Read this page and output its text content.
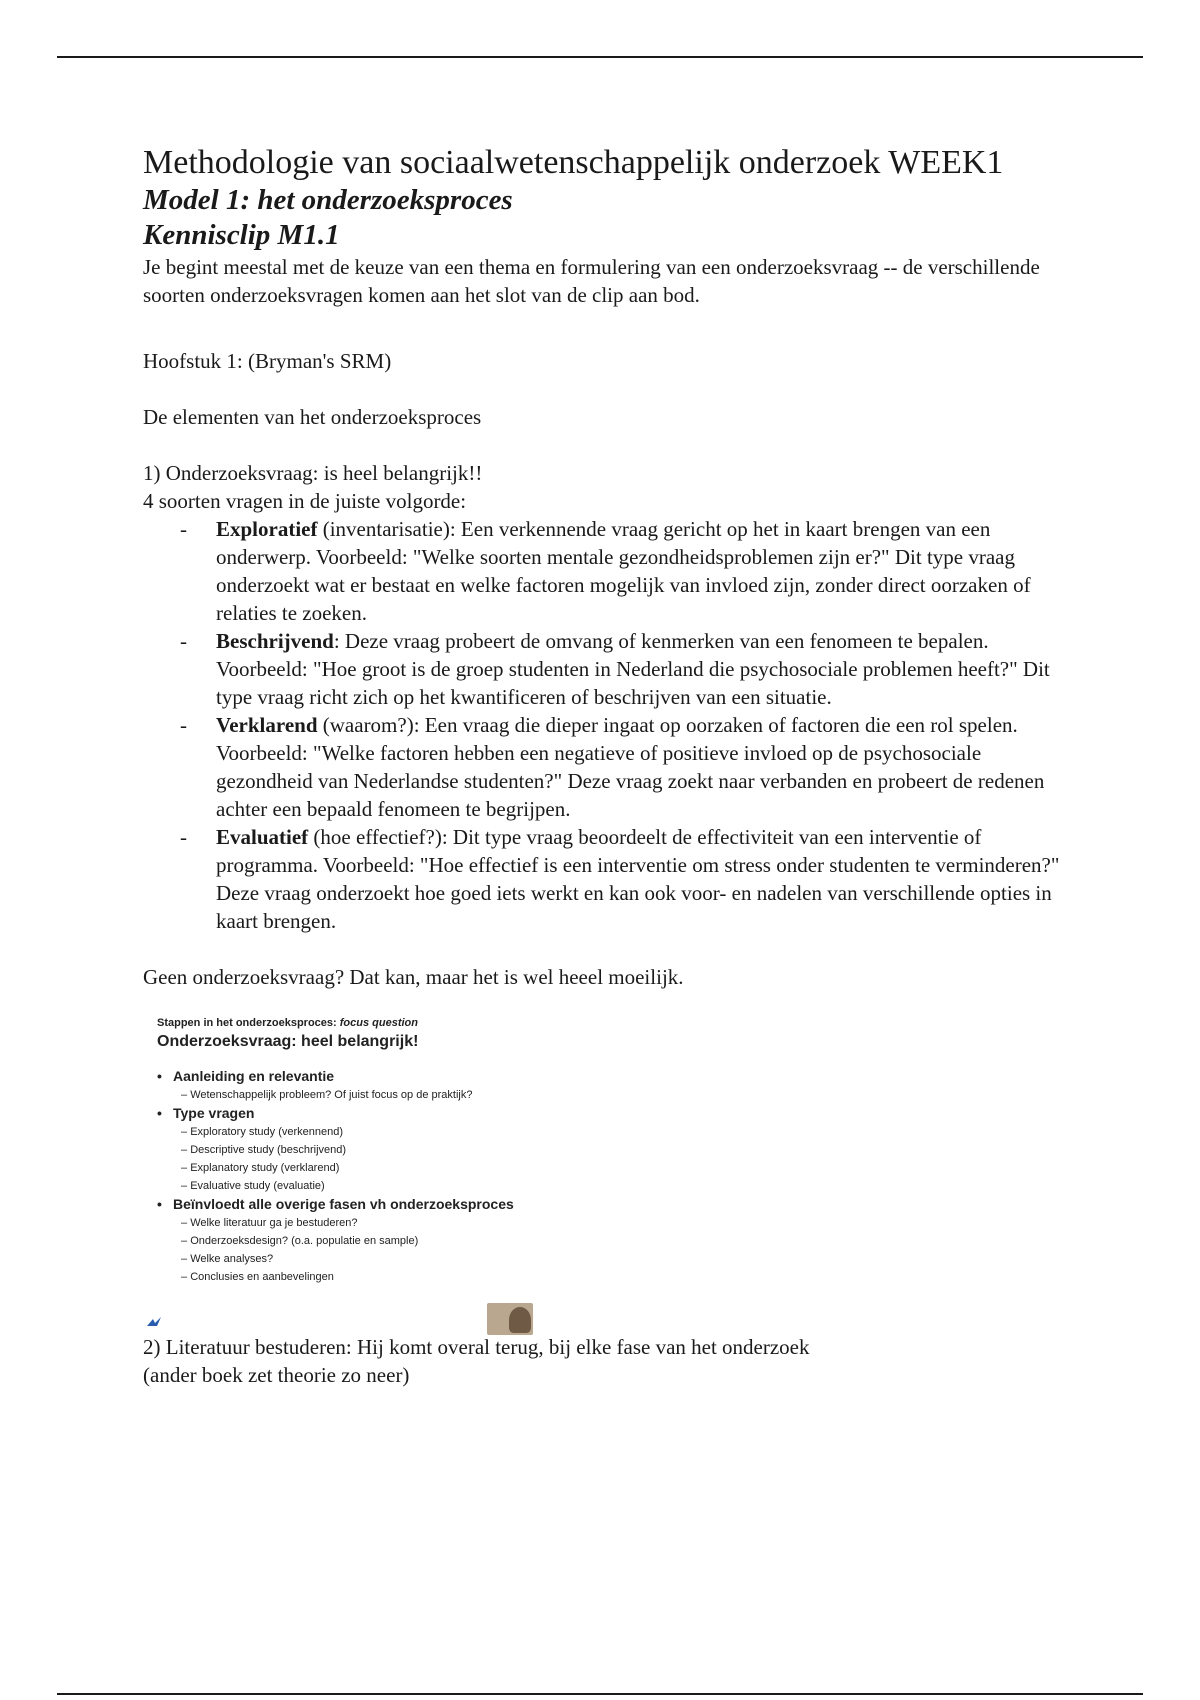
Methodologie van sociaalwetenschappelijk onderzoek WEEK1
Model 1: het onderzoeksproces
Kennisclip M1.1

Je begint meestal met de keuze van een thema en formulering van een onderzoeksvraag -- de verschillende soorten onderzoeksvragen komen aan het slot van de clip aan bod.

Hoofstuk 1: (Bryman's SRM)

De elementen van het onderzoeksproces

1) Onderzoeksvraag: is heel belangrijk!!

4 soorten vragen in de juiste volgorde:

- Exploratief (inventarisatie): Een verkennende vraag gericht op het in kaart brengen van een onderwerp. Voorbeeld: "Welke soorten mentale gezondheidsproblemen zijn er?" Dit type vraag onderzoekt wat er bestaat en welke factoren mogelijk van invloed zijn, zonder direct oorzaken of relaties te zoeken.
- Beschrijvend: Deze vraag probeert de omvang of kenmerken van een fenomeen te bepalen. Voorbeeld: "Hoe groot is de groep studenten in Nederland die psychosociale problemen heeft?" Dit type vraag richt zich op het kwantificeren of beschrijven van een situatie.
- Verklarend (waarom?): Een vraag die dieper ingaat op oorzaken of factoren die een rol spelen. Voorbeeld: "Welke factoren hebben een negatieve of positieve invloed op de psychosociale gezondheid van Nederlandse studenten?" Deze vraag zoekt naar verbanden en probeert de redenen achter een bepaald fenomeen te begrijpen.
- Evaluatief (hoe effectief?): Dit type vraag beoordeelt de effectiviteit van een interventie of programma. Voorbeeld: "Hoe effectief is een interventie om stress onder studenten te verminderen?" Deze vraag onderzoekt hoe goed iets werkt en kan ook voor- en nadelen van verschillende opties in kaart brengen.

Geen onderzoeksvraag? Dat kan, maar het is wel heeel moeilijk.

Stappen in het onderzoeksproces: focus question
Onderzoeksvraag: heel belangrijk!
• Aanleiding en relevantie
– Wetenschappelijk probleem? Of juist focus op de praktijk?
• Type vragen
– Exploratory study (verkennend)
– Descriptive study (beschrijvend)
– Explanatory study (verklarend)
– Evaluative study (evaluatie)
• Beïnvloedt alle overige fasen vh onderzoeksproces
– Welke literatuur ga je bestuderen?
– Onderzoeksdesign? (o.a. populatie en sample)
– Welke analyses?
– Conclusies en aanbevelingen

2) Literatuur bestuderen: Hij komt overal terug, bij elke fase van het onderzoek

(ander boek zet theorie zo neer)
